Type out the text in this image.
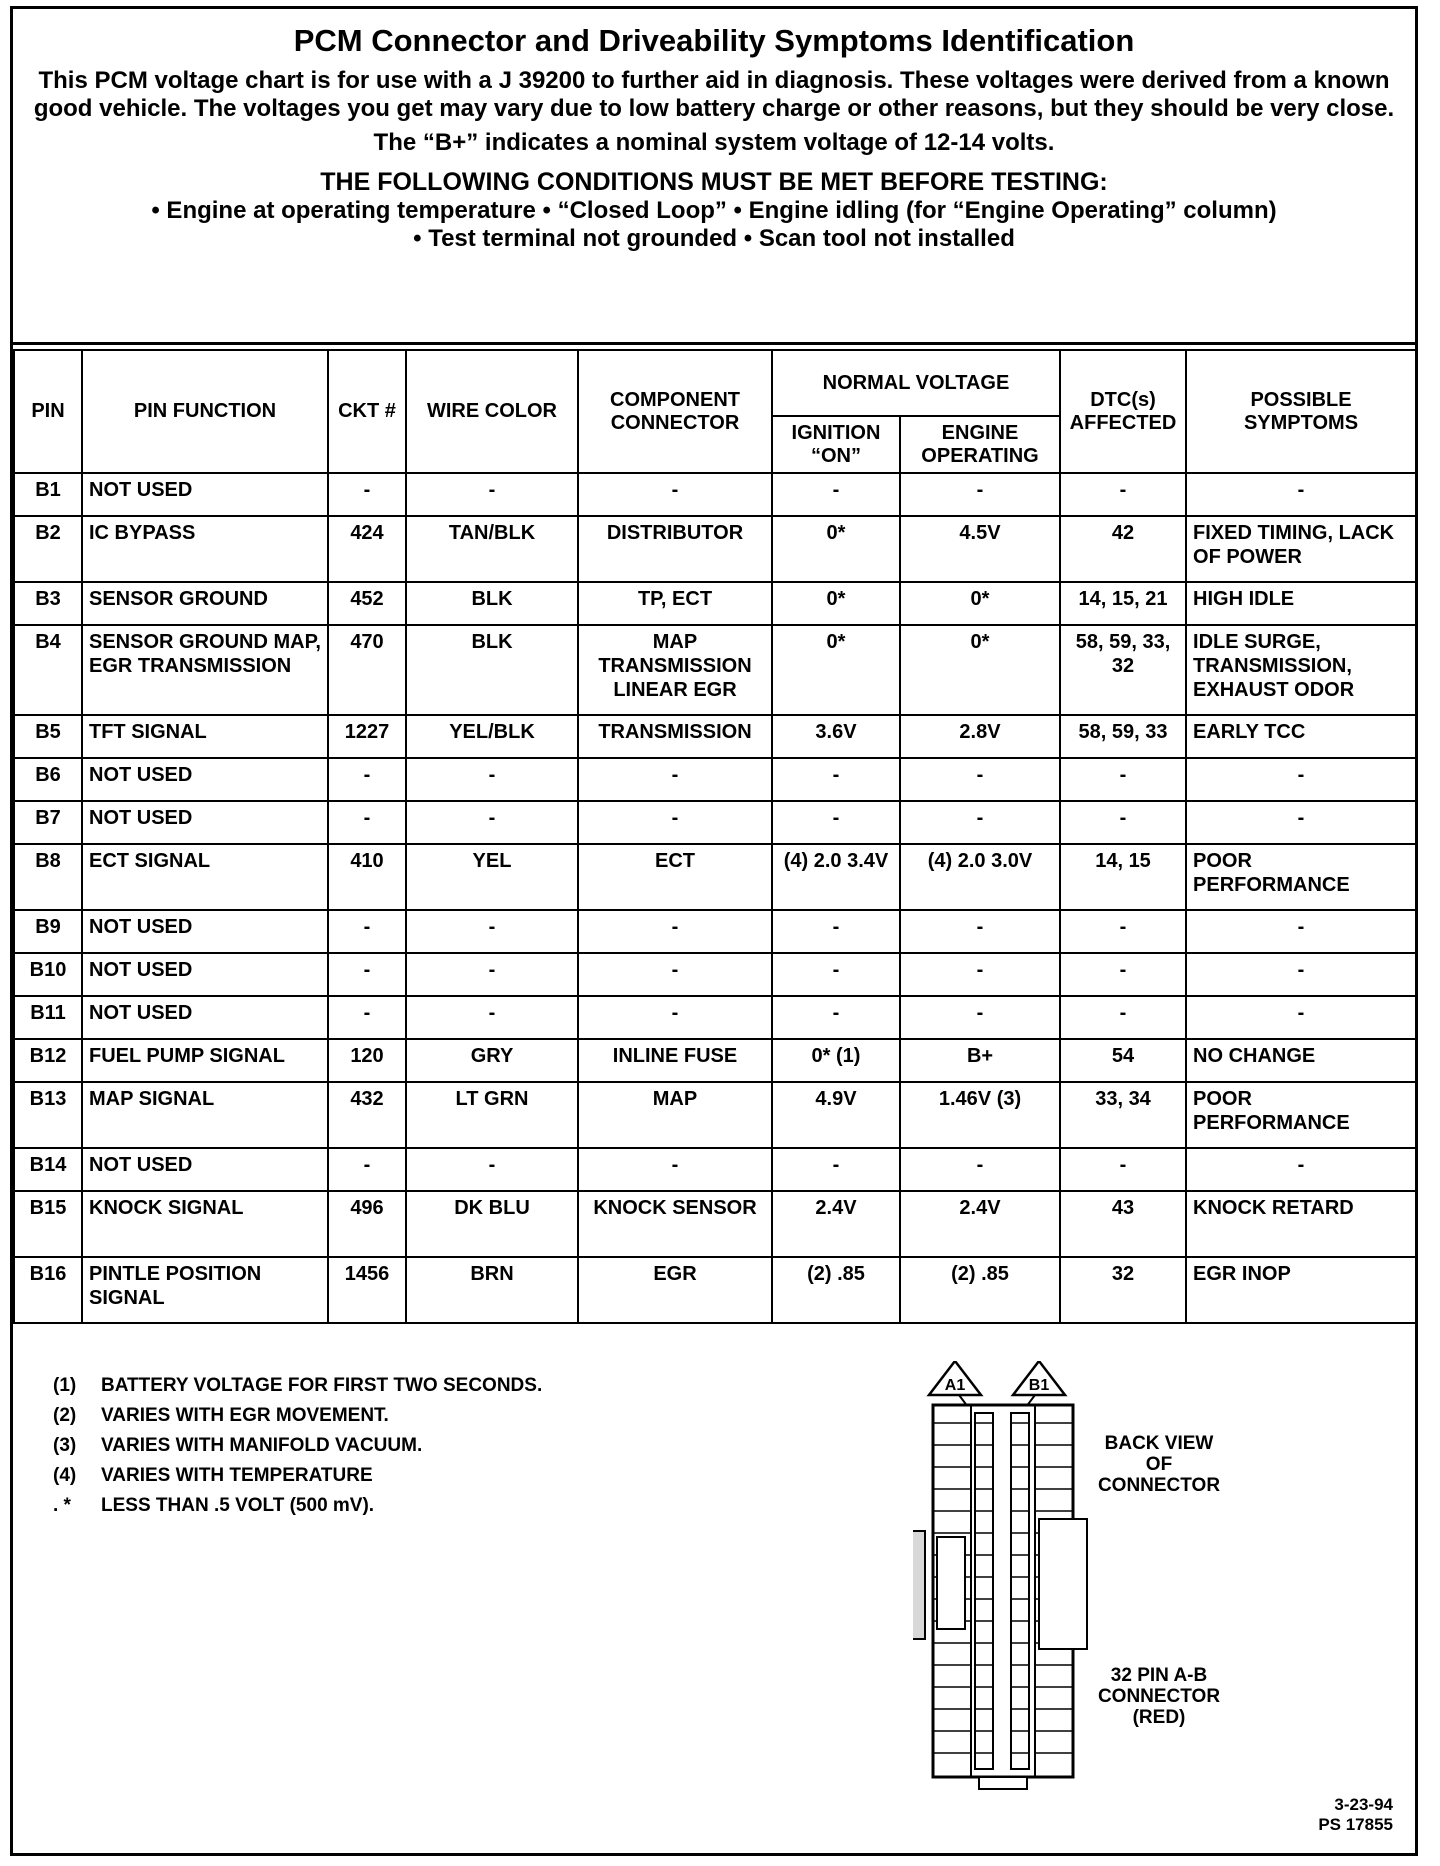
PCM Connector and Driveability Symptoms Identification
This PCM voltage chart is for use with a J 39200 to further aid in diagnosis. These voltages were derived from a known good vehicle. The voltages you get may vary due to low battery charge or other reasons, but they should be very close.
The “B+” indicates a nominal system voltage of 12-14 volts.
THE FOLLOWING CONDITIONS MUST BE MET BEFORE TESTING:
• Engine at operating temperature • “Closed Loop” • Engine idling (for “Engine Operating” column)
• Test terminal not grounded • Scan tool not installed
PIN	PIN FUNCTION	CKT #	WIRE COLOR	COMPONENT CONNECTOR	NORMAL VOLTAGE		DTC(s) AFFECTED	POSSIBLE SYMPTOMS
					IGNITION “ON”	ENGINE OPERATING		
B1	NOT USED	-	-	-	-	-	-	-
B2	IC BYPASS	424	TAN/BLK	DISTRIBUTOR	0*	4.5V	42	FIXED TIMING, LACK OF POWER
B3	SENSOR GROUND	452	BLK	TP, ECT	0*	0*	14, 15, 21	HIGH IDLE
B4	SENSOR GROUND MAP, EGR TRANSMISSION	470	BLK	MAP TRANSMISSION LINEAR EGR	0*	0*	58, 59, 33, 32	IDLE SURGE, TRANSMISSION, EXHAUST ODOR
B5	TFT SIGNAL	1227	YEL/BLK	TRANSMISSION	3.6V	2.8V	58, 59, 33	EARLY TCC
B6	NOT USED	-	-	-	-	-	-	-
B7	NOT USED	-	-	-	-	-	-	-
B8	ECT SIGNAL	410	YEL	ECT	(4) 2.0 3.4V	(4) 2.0 3.0V	14, 15	POOR PERFORMANCE
B9	NOT USED	-	-	-	-	-	-	-
B10	NOT USED	-	-	-	-	-	-	-
B11	NOT USED	-	-	-	-	-	-	-
B12	FUEL PUMP SIGNAL	120	GRY	INLINE FUSE	0* (1)	B+	54	NO CHANGE
B13	MAP SIGNAL	432	LT GRN	MAP	4.9V	1.46V (3)	33, 34	POOR PERFORMANCE
B14	NOT USED	-	-	-	-	-	-	-
B15	KNOCK SIGNAL	496	DK BLU	KNOCK SENSOR	2.4V	2.4V	43	KNOCK RETARD
B16	PINTLE POSITION SIGNAL	1456	BRN	EGR	(2) .85	(2) .85	32	EGR INOP
(1)	BATTERY VOLTAGE FOR FIRST TWO SECONDS.
(2)	VARIES WITH EGR MOVEMENT.
(3)	VARIES WITH MANIFOLD VACUUM.
(4)	VARIES WITH TEMPERATURE
. *	LESS THAN .5 VOLT (500 mV).
A1	B1
BACK VIEW OF CONNECTOR
32 PIN A-B CONNECTOR (RED)
3-23-94
PS 17855
